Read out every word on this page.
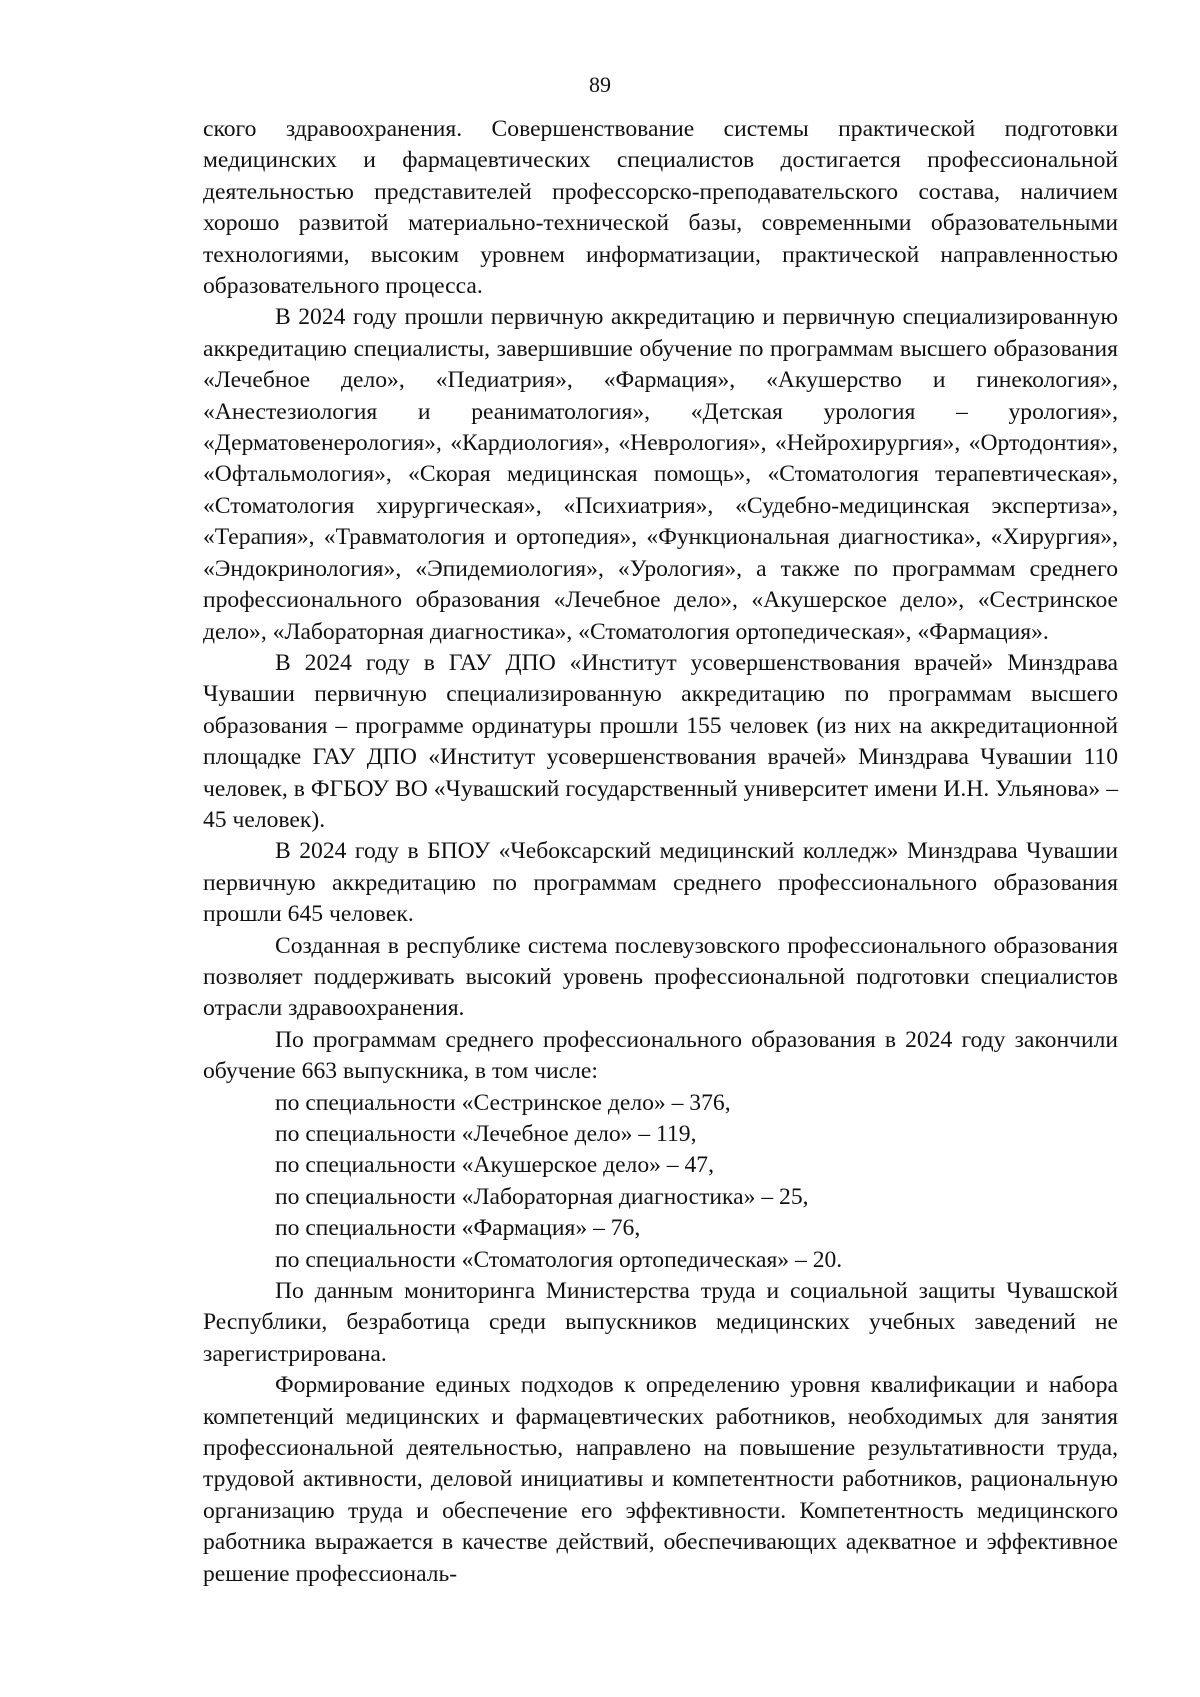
89

ского здравоохранения. Совершенствование системы практической подготовки медицинских и фармацевтических специалистов достигается профессиональной деятельностью представителей профессорско-преподавательского состава, наличием хорошо развитой материально-технической базы, современными образовательными технологиями, высоким уровнем информатизации, практической направленностью образовательного процесса.

В 2024 году прошли первичную аккредитацию и первичную специализированную аккредитацию специалисты, завершившие обучение по программам высшего образования «Лечебное дело», «Педиатрия», «Фармация», «Акушерство и гинекология», «Анестезиология и реаниматология», «Детская урология – урология», «Дерматовенерология», «Кардиология», «Неврология», «Нейрохирургия», «Ортодонтия», «Офтальмология», «Скорая медицинская помощь», «Стоматология терапевтическая», «Стоматология хирургическая», «Психиатрия», «Судебно-медицинская экспертиза», «Терапия», «Травматология и ортопедия», «Функциональная диагностика», «Хирургия», «Эндокринология», «Эпидемиология», «Урология», а также по программам среднего профессионального образования «Лечебное дело», «Акушерское дело», «Сестринское дело», «Лабораторная диагностика», «Стоматология ортопедическая», «Фармация».

В 2024 году в ГАУ ДПО «Институт усовершенствования врачей» Минздрава Чувашии первичную специализированную аккредитацию по программам высшего образования – программе ординатуры прошли 155 человек (из них на аккредитационной площадке ГАУ ДПО «Институт усовершенствования врачей» Минздрава Чувашии 110 человек, в ФГБОУ ВО «Чувашский государственный университет имени И.Н. Ульянова» – 45 человек).

В 2024 году в БПОУ «Чебоксарский медицинский колледж» Минздрава Чувашии первичную аккредитацию по программам среднего профессионального образования прошли 645 человек.

Созданная в республике система послевузовского профессионального образования позволяет поддерживать высокий уровень профессиональной подготовки специалистов отрасли здравоохранения.

По программам среднего профессионального образования в 2024 году закончили обучение 663 выпускника, в том числе:

по специальности «Сестринское дело» – 376,

по специальности «Лечебное дело» – 119,

по специальности «Акушерское дело» – 47,

по специальности «Лабораторная диагностика» – 25,

по специальности «Фармация» – 76,

по специальности «Стоматология ортопедическая» – 20.

По данным мониторинга Министерства труда и социальной защиты Чувашской Республики, безработица среди выпускников медицинских учебных заведений не зарегистрирована.

Формирование единых подходов к определению уровня квалификации и набора компетенций медицинских и фармацевтических работников, необходимых для занятия профессиональной деятельностью, направлено на повышение результативности труда, трудовой активности, деловой инициативы и компетентности работников, рациональную организацию труда и обеспечение его эффективности. Компетентность медицинского работника выражается в качестве действий, обеспечивающих адекватное и эффективное решение профессиональ-
